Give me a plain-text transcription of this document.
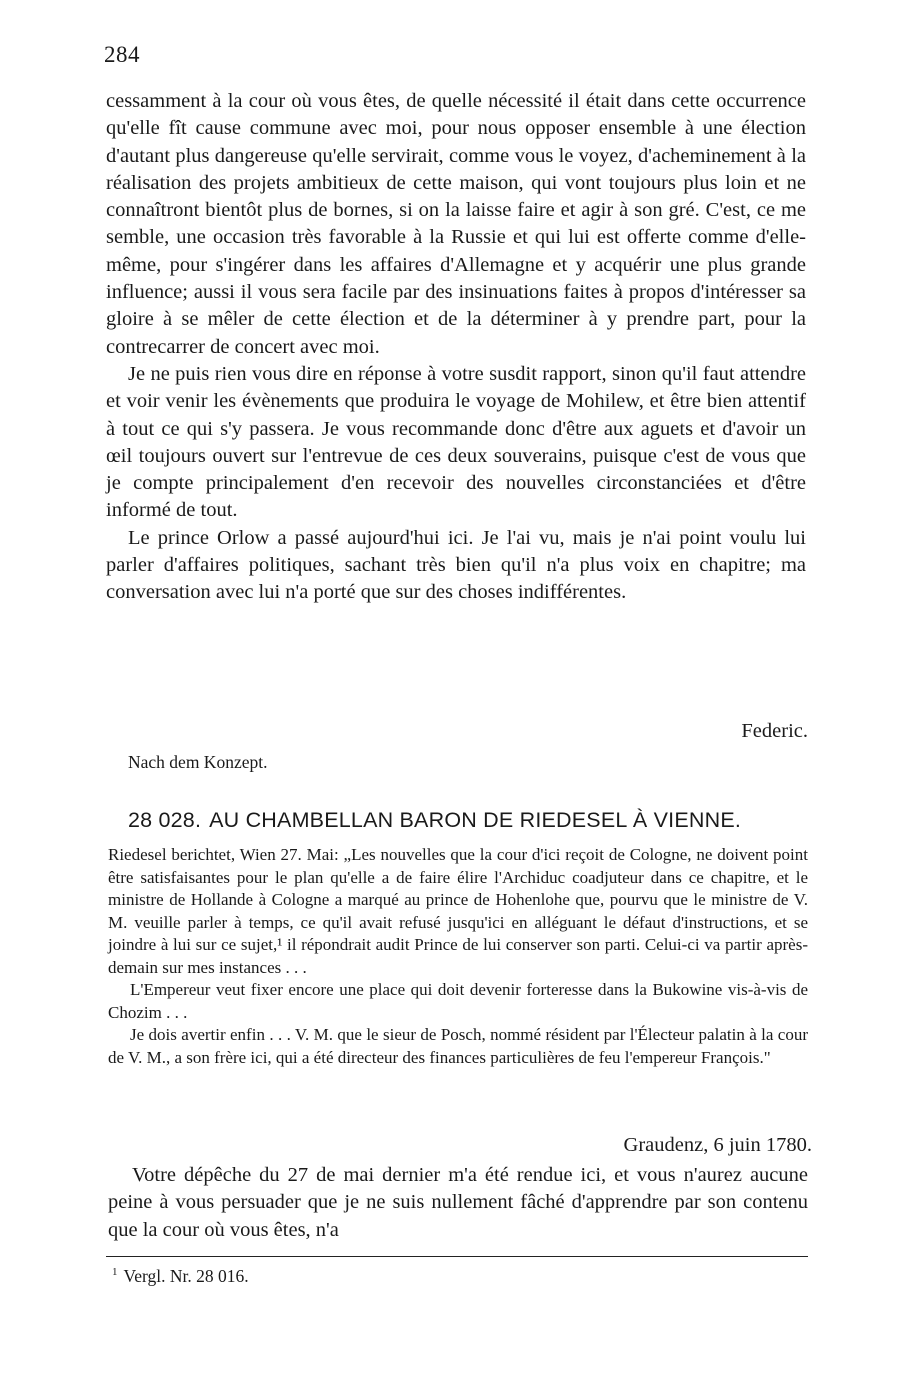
284

cessamment à la cour où vous êtes, de quelle nécessité il était dans cette occurrence qu'elle fît cause commune avec moi, pour nous opposer ensemble à une élection d'autant plus dangereuse qu'elle servirait, comme vous le voyez, d'acheminement à la réalisation des projets ambitieux de cette maison, qui vont toujours plus loin et ne connaîtront bientôt plus de bornes, si on la laisse faire et agir à son gré. C'est, ce me semble, une occasion très favorable à la Russie et qui lui est offerte comme d'elle-même, pour s'ingérer dans les affaires d'Allemagne et y acquérir une plus grande influence; aussi il vous sera facile par des insinuations faites à propos d'intéresser sa gloire à se mêler de cette élection et de la déterminer à y prendre part, pour la contrecarrer de concert avec moi.

Je ne puis rien vous dire en réponse à votre susdit rapport, sinon qu'il faut attendre et voir venir les évènements que produira le voyage de Mohilew, et être bien attentif à tout ce qui s'y passera. Je vous recommande donc d'être aux aguets et d'avoir un œil toujours ouvert sur l'entrevue de ces deux souverains, puisque c'est de vous que je compte principalement d'en recevoir des nouvelles circonstanciées et d'être informé de tout.

Le prince Orlow a passé aujourd'hui ici. Je l'ai vu, mais je n'ai point voulu lui parler d'affaires politiques, sachant très bien qu'il n'a plus voix en chapitre; ma conversation avec lui n'a porté que sur des choses indifférentes.

Federic.
Nach dem Konzept.
28 028. AU CHAMBELLAN BARON DE RIEDESEL À VIENNE.

Riedesel berichtet, Wien 27. Mai: „Les nouvelles que la cour d'ici reçoit de Cologne, ne doivent point être satisfaisantes pour le plan qu'elle a de faire élire l'Archiduc coadjuteur dans ce chapitre, et le ministre de Hollande à Cologne a marqué au prince de Hohenlohe que, pourvu que le ministre de V. M. veuille parler à temps, ce qu'il avait refusé jusqu'ici en alléguant le défaut d'instructions, et se joindre à lui sur ce sujet,¹ il répondrait audit Prince de lui conserver son parti. Celui-ci va partir après-demain sur mes instances . . .

L'Empereur veut fixer encore une place qui doit devenir forteresse dans la Bukowine vis-à-vis de Chozim . . .

Je dois avertir enfin . . . V. M. que le sieur de Posch, nommé résident par l'Électeur palatin à la cour de V. M., a son frère ici, qui a été directeur des finances particulières de feu l'empereur François."

Graudenz, 6 juin 1780.
Votre dépêche du 27 de mai dernier m'a été rendue ici, et vous n'aurez aucune peine à vous persuader que je ne suis nullement fâché d'apprendre par son contenu que la cour où vous êtes, n'a
$^1$ Vergl. Nr. 28 016.
